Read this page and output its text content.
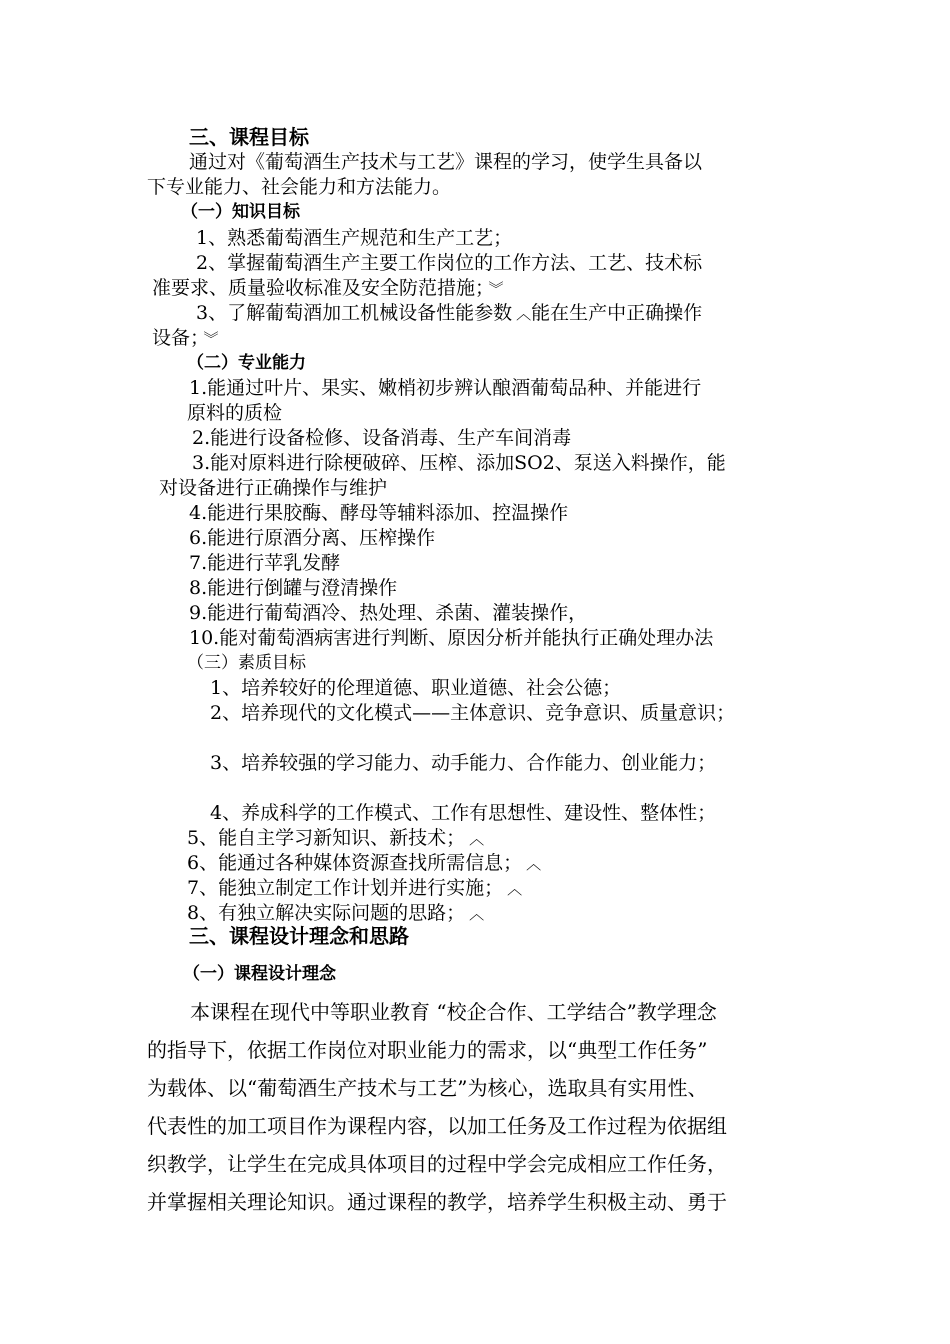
三、课程目标
通过对《葡萄酒生产技术与工艺》课程的学习，使学生具备以
下专业能力、社会能力和方法能力。
（一）知识目标
1、熟悉葡萄酒生产规范和生产工艺；
2、掌握葡萄酒生产主要工作岗位的工作方法、工艺、技术标
准要求、质量验收标准及安全防范措施； ︾
3、了解葡萄酒加工机械设备性能参数 ︿能在生产中正确操作
设备； ︾
（二）专业能力
1.能通过叶片、果实、嫩梢初步辨认酿酒葡萄品种、并能进行
原料的质检
2.能进行设备检修、设备消毒、生产车间消毒
3.能对原料进行除梗破碎、压榨、添加SO2、泵送入料操作，能
对设备进行正确操作与维护
4.能进行果胶酶、酵母等辅料添加、控温操作
6.能进行原酒分离、压榨操作
7.能进行苹乳发酵
8.能进行倒罐与澄清操作
9.能进行葡萄酒冷、热处理、杀菌、灌装操作，
10.能对葡萄酒病害进行判断、原因分析并能执行正确处理办法
（三）素质目标
1、培养较好的伦理道德、职业道德、社会公德；
2、培养现代的文化模式——主体意识、竞争意识、质量意识；
3、培养较强的学习能力、动手能力、合作能力、创业能力；
4、养成科学的工作模式、工作有思想性、建设性、整体性；
5、能自主学习新知识、新技术； ︿
6、能通过各种媒体资源查找所需信息； ︿
7、能独立制定工作计划并进行实施； ︿
8、有独立解决实际问题的思路； ︿
三、课程设计理念和思路
（一）课程设计理念
本课程在现代中等职业教育 “校企合作、工学结合”教学理念
的指导下，依据工作岗位对职业能力的需求，以“典型工作任务”
为载体、以“葡萄酒生产技术与工艺”为核心，选取具有实用性、
代表性的加工项目作为课程内容，以加工任务及工作过程为依据组
织教学，让学生在完成具体项目的过程中学会完成相应工作任务，
并掌握相关理论知识。通过课程的教学，培养学生积极主动、勇于
